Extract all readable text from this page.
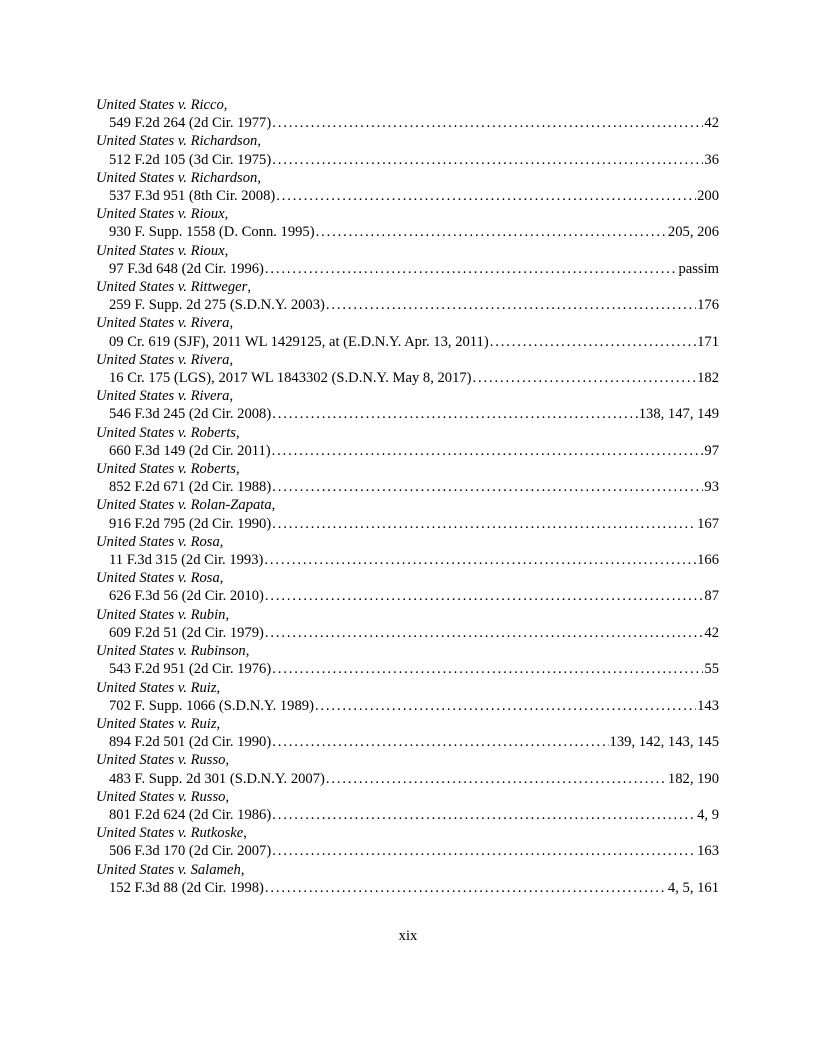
United States v. Ricco,
549 F.2d 264 (2d Cir. 1977) . . .	42
United States v. Richardson,
512 F.2d 105 (3d Cir. 1975) . . .	36
United States v. Richardson,
537 F.3d 951 (8th Cir. 2008) . . .	200
United States v. Rioux,
930 F. Supp. 1558 (D. Conn. 1995) . . .	205, 206
United States v. Rioux,
97 F.3d 648 (2d Cir. 1996) . . .	passim
United States v. Rittweger,
259 F. Supp. 2d 275 (S.D.N.Y. 2003) . . .	176
United States v. Rivera,
09 Cr. 619 (SJF), 2011 WL 1429125, at (E.D.N.Y. Apr. 13, 2011) . . .	171
United States v. Rivera,
16 Cr. 175 (LGS), 2017 WL 1843302 (S.D.N.Y. May 8, 2017) . . .	182
United States v. Rivera,
546 F.3d 245 (2d Cir. 2008) . . .	138, 147, 149
United States v. Roberts,
660 F.3d 149 (2d Cir. 2011) . . .	97
United States v. Roberts,
852 F.2d 671 (2d Cir. 1988) . . .	93
United States v. Rolan-Zapata,
916 F.2d 795 (2d Cir. 1990) . . .	167
United States v. Rosa,
11 F.3d 315 (2d Cir. 1993) . . .	166
United States v. Rosa,
626 F.3d 56 (2d Cir. 2010) . . .	87
United States v. Rubin,
609 F.2d 51 (2d Cir. 1979) . . .	42
United States v. Rubinson,
543 F.2d 951 (2d Cir. 1976) . . .	55
United States v. Ruiz,
702 F. Supp. 1066 (S.D.N.Y. 1989) . . .	143
United States v. Ruiz,
894 F.2d 501 (2d Cir. 1990) . . .	139, 142, 143, 145
United States v. Russo,
483 F. Supp. 2d 301 (S.D.N.Y. 2007) . . .	182, 190
United States v. Russo,
801 F.2d 624 (2d Cir. 1986) . . .	4, 9
United States v. Rutkoske,
506 F.3d 170 (2d Cir. 2007) . . .	163
United States v. Salameh,
152 F.3d 88 (2d Cir. 1998) . . .	4, 5, 161
xix
